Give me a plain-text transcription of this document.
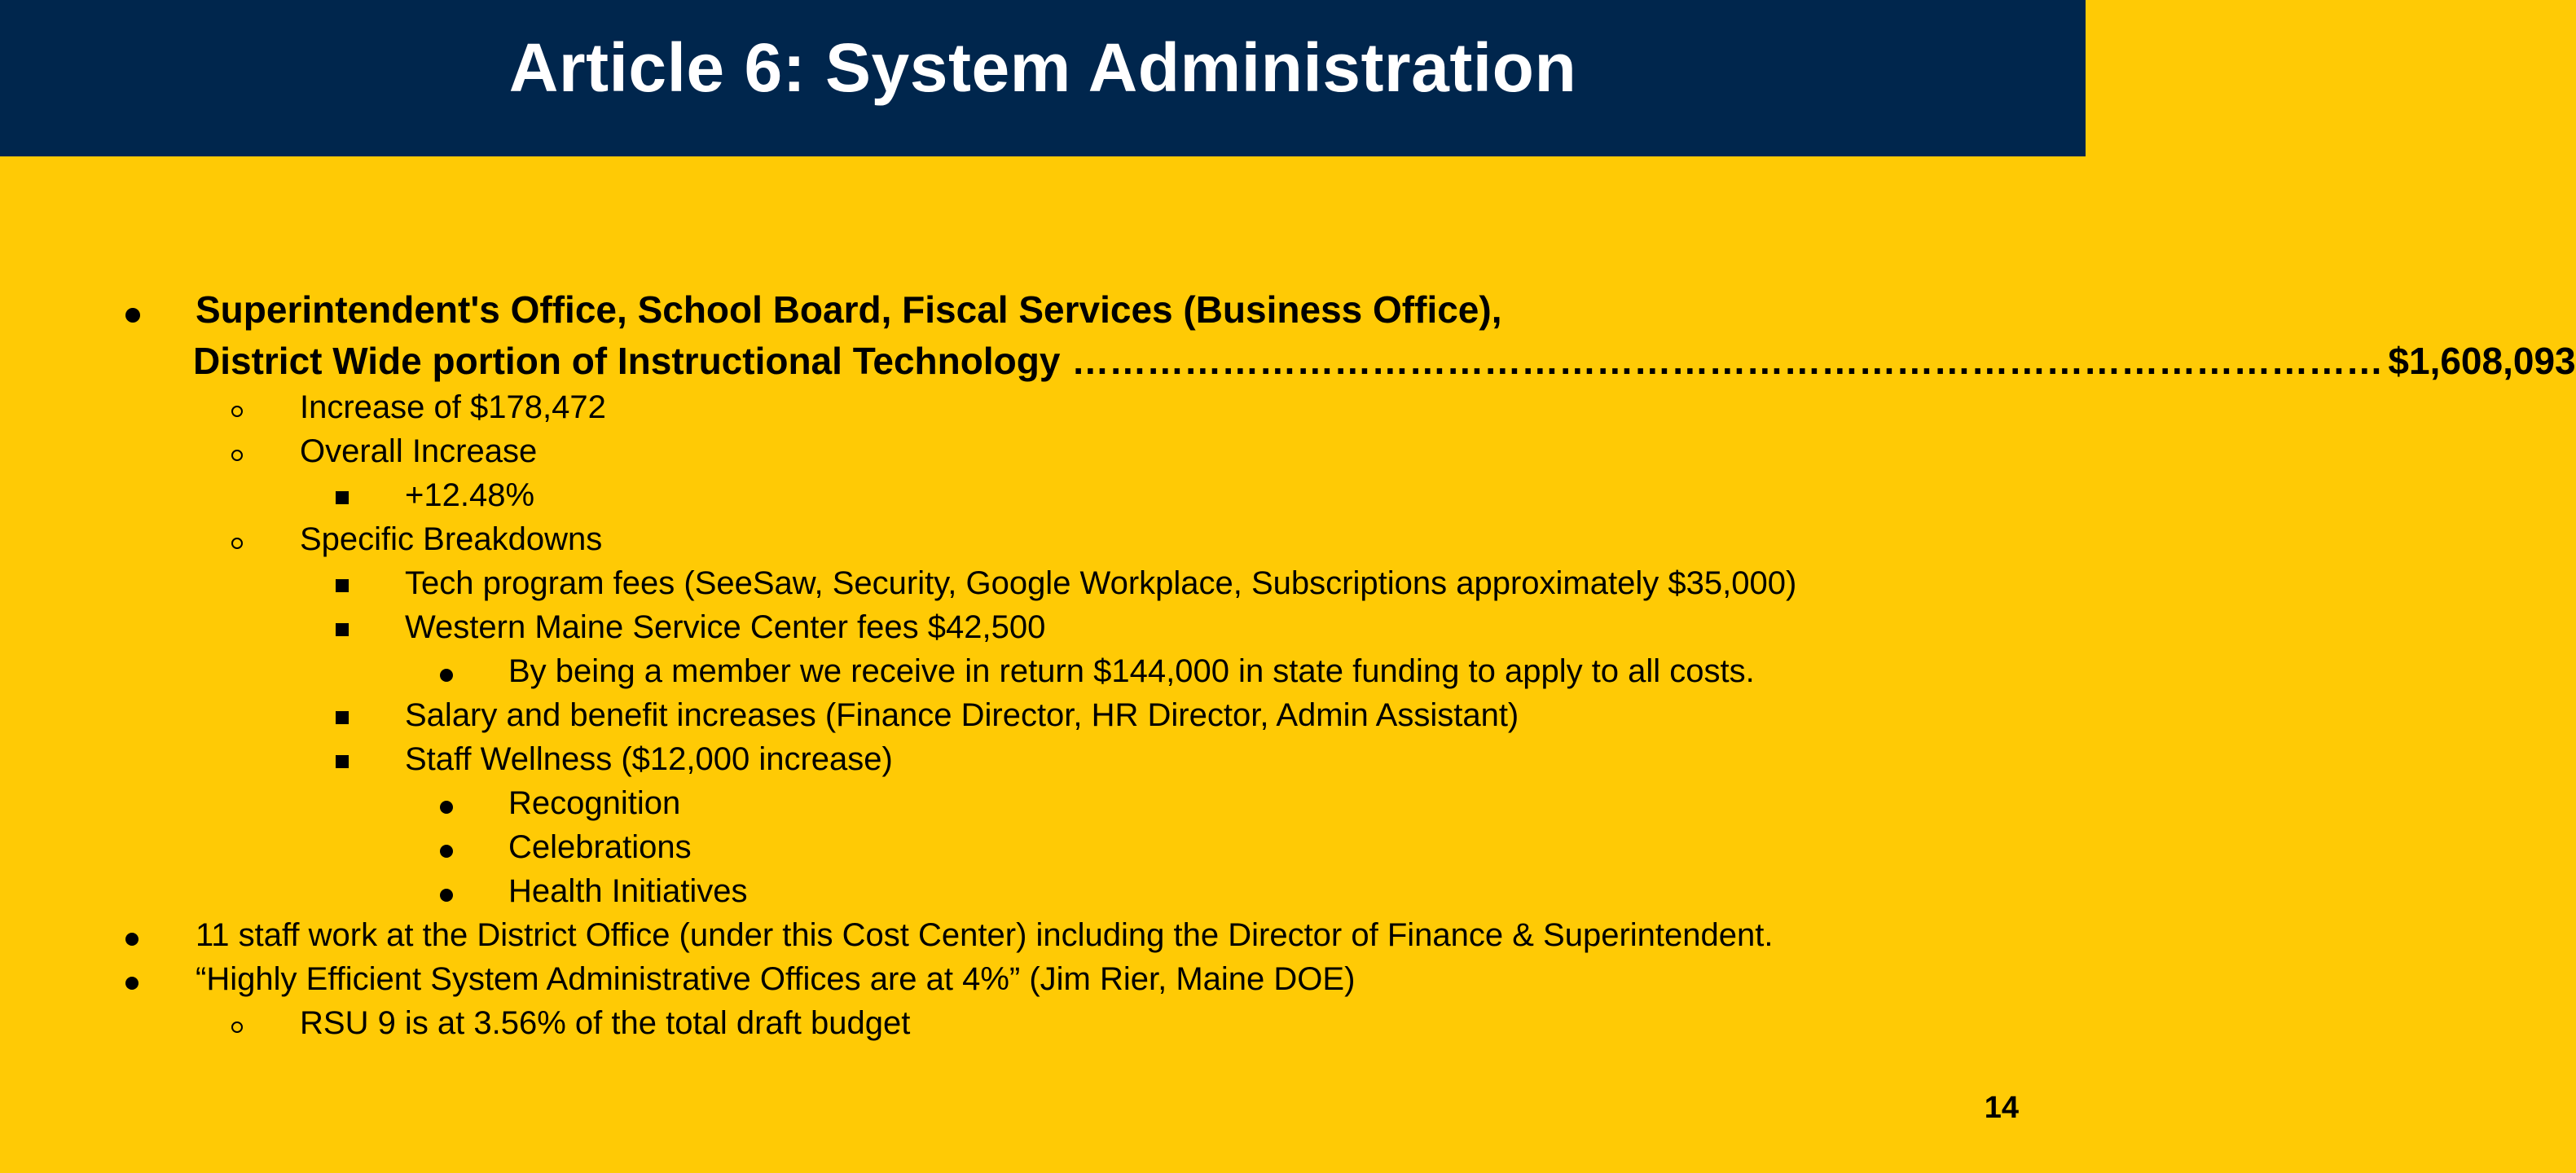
Article 6: System Administration
Superintendent's Office, School Board, Fiscal Services (Business Office),
District Wide portion of Instructional Technology …………………………………………………………………………………………… $1,608,093
Increase of $178,472
Overall Increase
+12.48%
Specific Breakdowns
Tech program fees (SeeSaw, Security, Google Workplace, Subscriptions approximately $35,000)
Western Maine Service Center fees $42,500
By being a member we receive in return $144,000 in state funding to apply to all costs.
Salary and benefit increases (Finance Director, HR Director, Admin Assistant)
Staff Wellness ($12,000 increase)
Recognition
Celebrations
Health Initiatives
11 staff work at the District Office (under this Cost Center) including the Director of Finance & Superintendent.
“Highly Efficient System Administrative Offices are at 4%” (Jim Rier, Maine DOE)
RSU 9 is at 3.56% of the total draft budget
14
